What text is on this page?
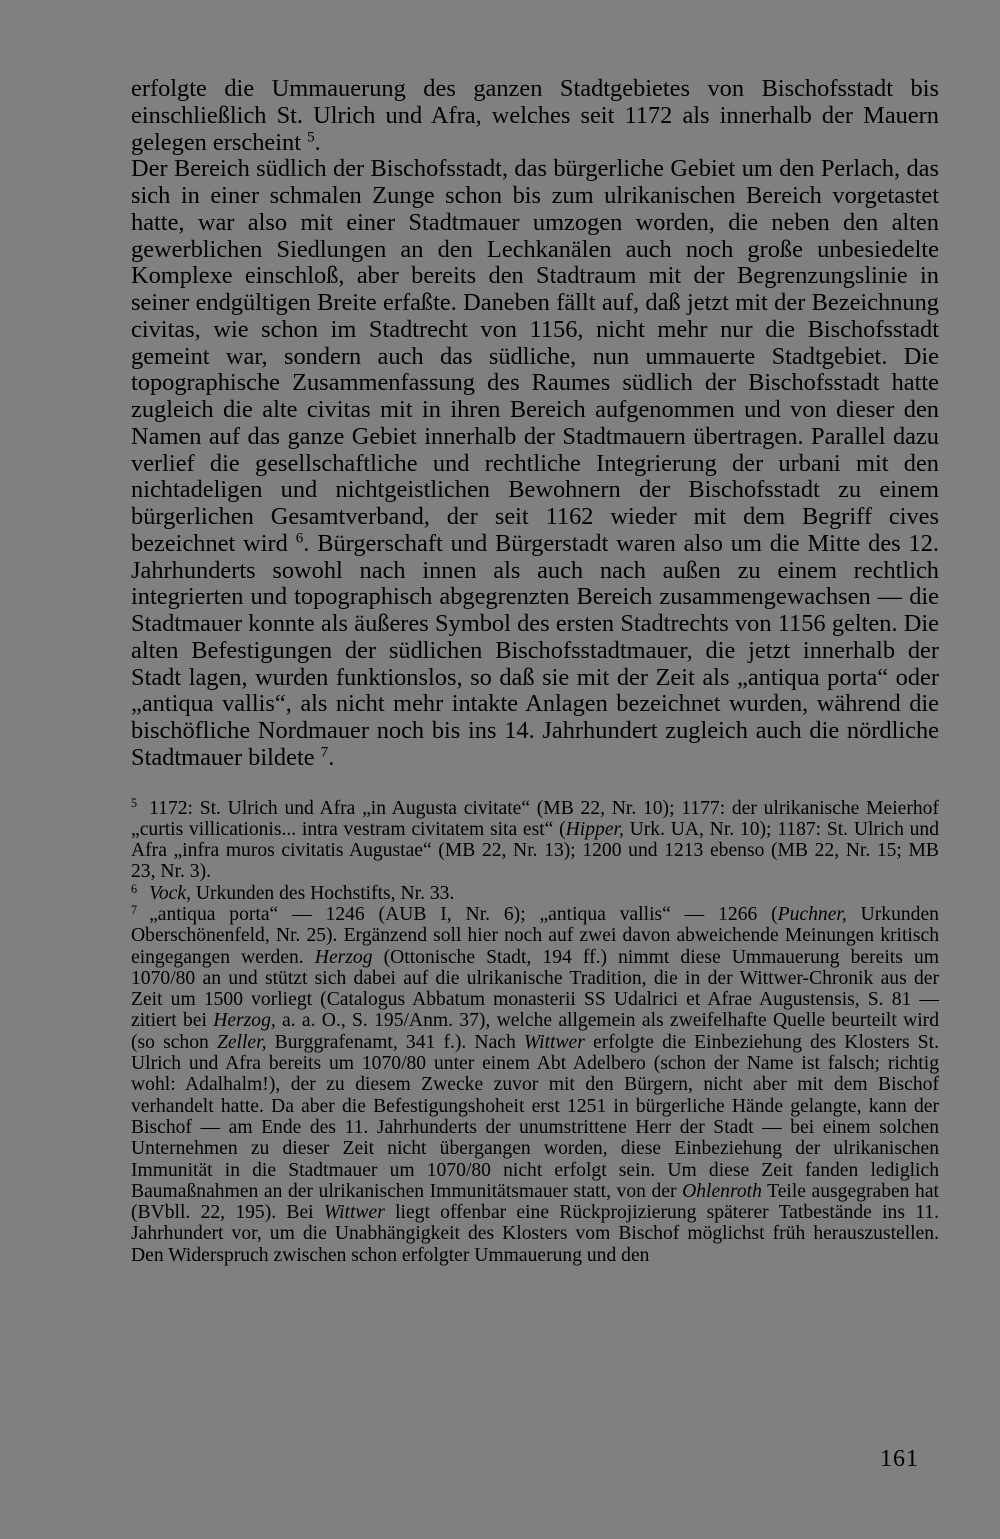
erfolgte die Ummauerung des ganzen Stadtgebietes von Bischofsstadt bis einschließlich St. Ulrich und Afra, welches seit 1172 als innerhalb der Mauern gelegen erscheint $^5$.

Der Bereich südlich der Bischofsstadt, das bürgerliche Gebiet um den Perlach, das sich in einer schmalen Zunge schon bis zum ulrikanischen Bereich vorgetastet hatte, war also mit einer Stadtmauer umzogen worden, die neben den alten gewerblichen Siedlungen an den Lechkanälen auch noch große unbesiedelte Komplexe einschloß, aber bereits den Stadtraum mit der Begrenzungslinie in seiner endgültigen Breite erfaßte. Daneben fällt auf, daß jetzt mit der Bezeichnung civitas, wie schon im Stadtrecht von 1156, nicht mehr nur die Bischofsstadt gemeint war, sondern auch das südliche, nun ummauerte Stadtgebiet. Die topographische Zusammenfassung des Raumes südlich der Bischofsstadt hatte zugleich die alte civitas mit in ihren Bereich aufgenommen und von dieser den Namen auf das ganze Gebiet innerhalb der Stadtmauern übertragen. Parallel dazu verlief die gesellschaftliche und rechtliche Integrierung der urbani mit den nichtadeligen und nichtgeistlichen Bewohnern der Bischofsstadt zu einem bürgerlichen Gesamtverband, der seit 1162 wieder mit dem Begriff cives bezeichnet wird $^6$. Bürgerschaft und Bürgerstadt waren also um die Mitte des 12. Jahrhunderts sowohl nach innen als auch nach außen zu einem rechtlich integrierten und topographisch abgegrenzten Bereich zusammengewachsen — die Stadtmauer konnte als äußeres Symbol des ersten Stadtrechts von 1156 gelten. Die alten Befestigungen der südlichen Bischofsstadtmauer, die jetzt innerhalb der Stadt lagen, wurden funktionslos, so daß sie mit der Zeit als „antiqua porta“ oder „antiqua vallis“, als nicht mehr intakte Anlagen bezeichnet wurden, während die bischöfliche Nordmauer noch bis ins 14. Jahrhundert zugleich auch die nördliche Stadtmauer bildete $^7$.

$^5$ 1172: St. Ulrich und Afra „in Augusta civitate“ (MB 22, Nr. 10); 1177: der ulrikanische Meierhof „curtis villicationis... intra vestram civitatem sita est“ (Hipper, Urk. UA, Nr. 10); 1187: St. Ulrich und Afra „infra muros civitatis Augustae“ (MB 22, Nr. 13); 1200 und 1213 ebenso (MB 22, Nr. 15; MB 23, Nr. 3).

$^6$ Vock, Urkunden des Hochstifts, Nr. 33.

$^7$ „antiqua porta“ — 1246 (AUB I, Nr. 6); „antiqua vallis“ — 1266 (Puchner, Urkunden Oberschönenfeld, Nr. 25). Ergänzend soll hier noch auf zwei davon abweichende Meinungen kritisch eingegangen werden. Herzog (Ottonische Stadt, 194 ff.) nimmt diese Ummauerung bereits um 1070/80 an und stützt sich dabei auf die ulrikanische Tradition, die in der Wittwer-Chronik aus der Zeit um 1500 vorliegt (Catalogus Abbatum monasterii SS Udalrici et Afrae Augustensis, S. 81 — zitiert bei Herzog, a. a. O., S. 195/Anm. 37), welche allgemein als zweifelhafte Quelle beurteilt wird (so schon Zeller, Burggrafenamt, 341 f.). Nach Wittwer erfolgte die Einbeziehung des Klosters St. Ulrich und Afra bereits um 1070/80 unter einem Abt Adelbero (schon der Name ist falsch; richtig wohl: Adalhalm!), der zu diesem Zwecke zuvor mit den Bürgern, nicht aber mit dem Bischof verhandelt hatte. Da aber die Befestigungshoheit erst 1251 in bürgerliche Hände gelangte, kann der Bischof — am Ende des 11. Jahrhunderts der unumstrittene Herr der Stadt — bei einem solchen Unternehmen zu dieser Zeit nicht übergangen worden, diese Einbeziehung der ulrikanischen Immunität in die Stadtmauer um 1070/80 nicht erfolgt sein. Um diese Zeit fanden lediglich Baumaßnahmen an der ulrikanischen Immunitätsmauer statt, von der Ohlenroth Teile ausgegraben hat (BVbll. 22, 195). Bei Wittwer liegt offenbar eine Rückprojizierung späterer Tatbestände ins 11. Jahrhundert vor, um die Unabhängigkeit des Klosters vom Bischof möglichst früh herauszustellen. Den Widerspruch zwischen schon erfolgter Ummauerung und den

161
